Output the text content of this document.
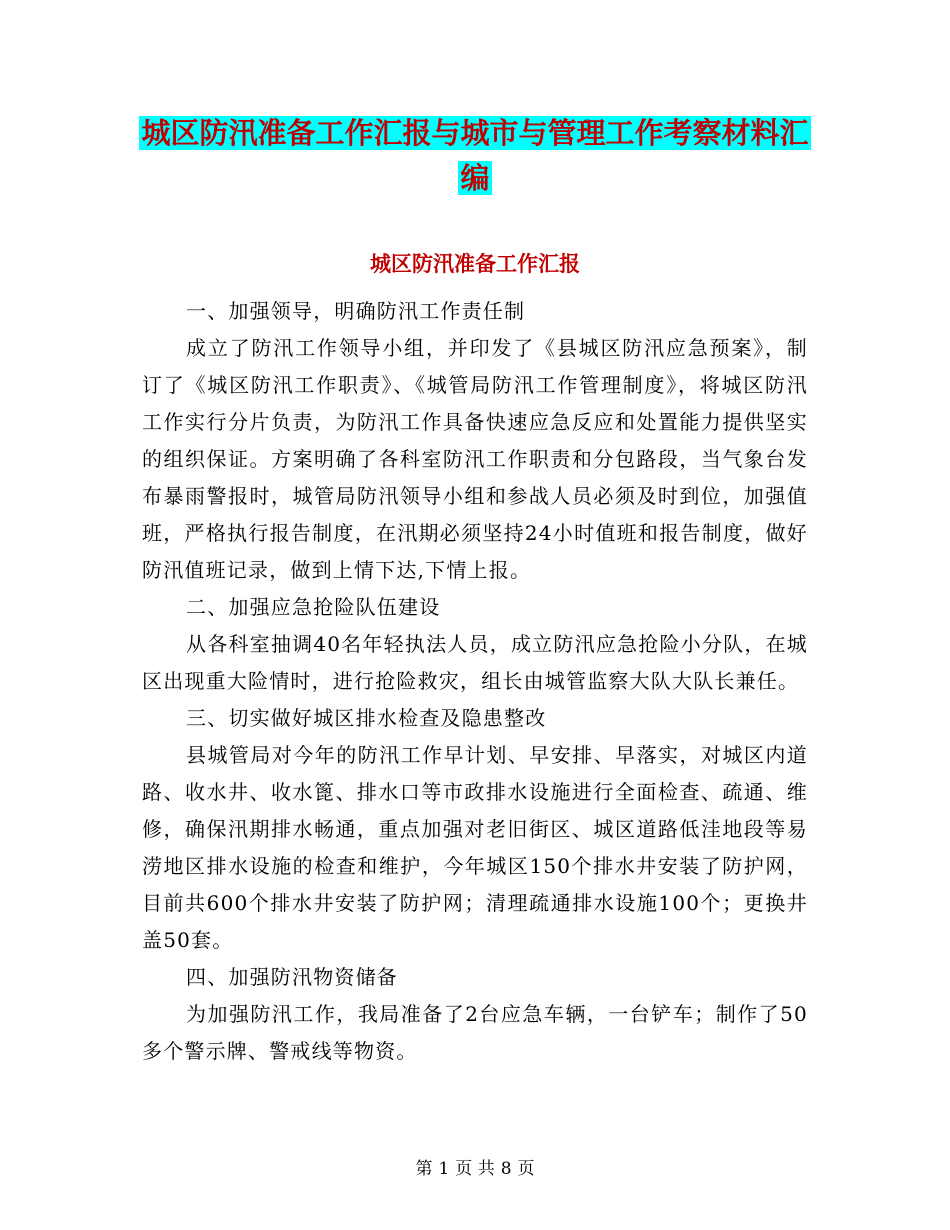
城区防汛准备工作汇报与城市与管理工作考察材料汇
编
城区防汛准备工作汇报

一、加强领导，明确防汛工作责任制

成立了防汛工作领导小组，并印发了《县城区防汛应急预案》，制订了《城区防汛工作职责》、《城管局防汛工作管理制度》，将城区防汛工作实行分片负责，为防汛工作具备快速应急反应和处置能力提供坚实的组织保证。方案明确了各科室防汛工作职责和分包路段，当气象台发布暴雨警报时，城管局防汛领导小组和参战人员必须及时到位，加强值班，严格执行报告制度，在汛期必须坚持24小时值班和报告制度，做好防汛值班记录，做到上情下达,下情上报。

二、加强应急抢险队伍建设

从各科室抽调40名年轻执法人员，成立防汛应急抢险小分队，在城区出现重大险情时，进行抢险救灾，组长由城管监察大队大队长兼任。

三、切实做好城区排水检查及隐患整改

县城管局对今年的防汛工作早计划、早安排、早落实，对城区内道路、收水井、收水篦、排水口等市政排水设施进行全面检查、疏通、维修，确保汛期排水畅通，重点加强对老旧街区、城区道路低洼地段等易涝地区排水设施的检查和维护，今年城区150个排水井安装了防护网，目前共600个排水井安装了防护网；清理疏通排水设施100个；更换井盖50套。

四、加强防汛物资储备

为加强防汛工作，我局准备了2台应急车辆，一台铲车；制作了50多个警示牌、警戒线等物资。

第 1 页 共 8 页
